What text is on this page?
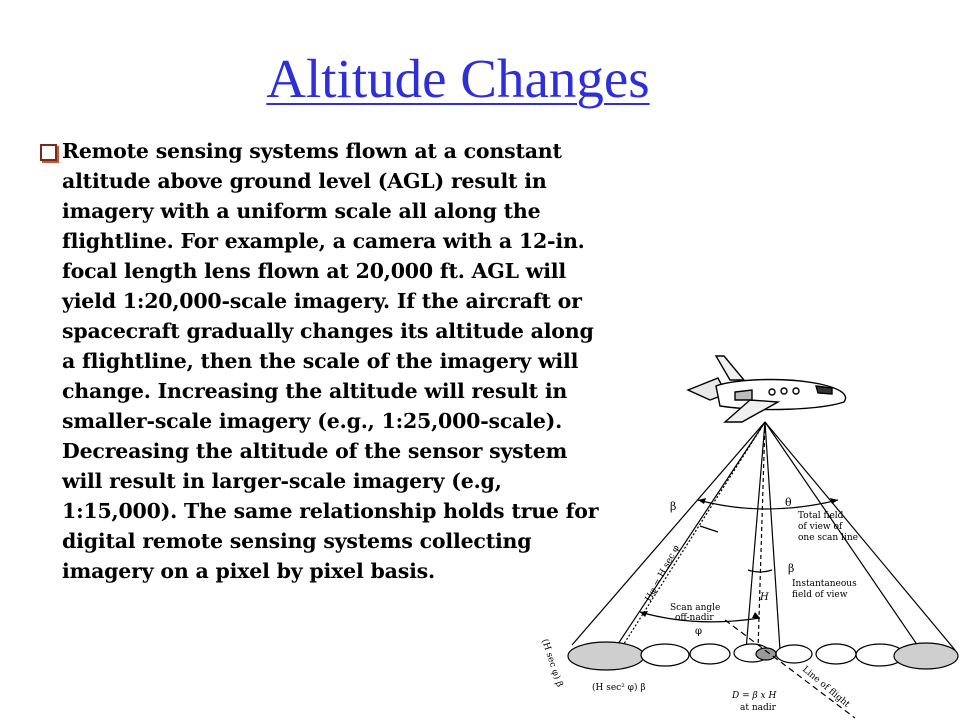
Altitude Changes
Remote sensing systems flown at a constant altitude above ground level (AGL) result in imagery with a uniform scale all along the flightline. For example, a camera with a 12-in. focal length lens flown at 20,000 ft. AGL will yield 1:20,000-scale imagery. If the aircraft or spacecraft gradually changes its altitude along a flightline, then the scale of the imagery will change. Increasing the altitude will result in smaller-scale imagery (e.g., 1:25,000-scale). Decreasing the altitude of the sensor system will result in larger-scale imagery (e.g, 1:15,000). The same relationship holds true for digital remote sensing systems collecting imagery on a pixel by pixel basis.
β	θ
Total field
of view of
one scan line
β
Instantaneous
field of view
Hφ = H sec φ	H
Scan angle
off-nadir
φ
(H sec φ) β	(H sec² φ) β
D = β x H
at nadir	Line of flight
